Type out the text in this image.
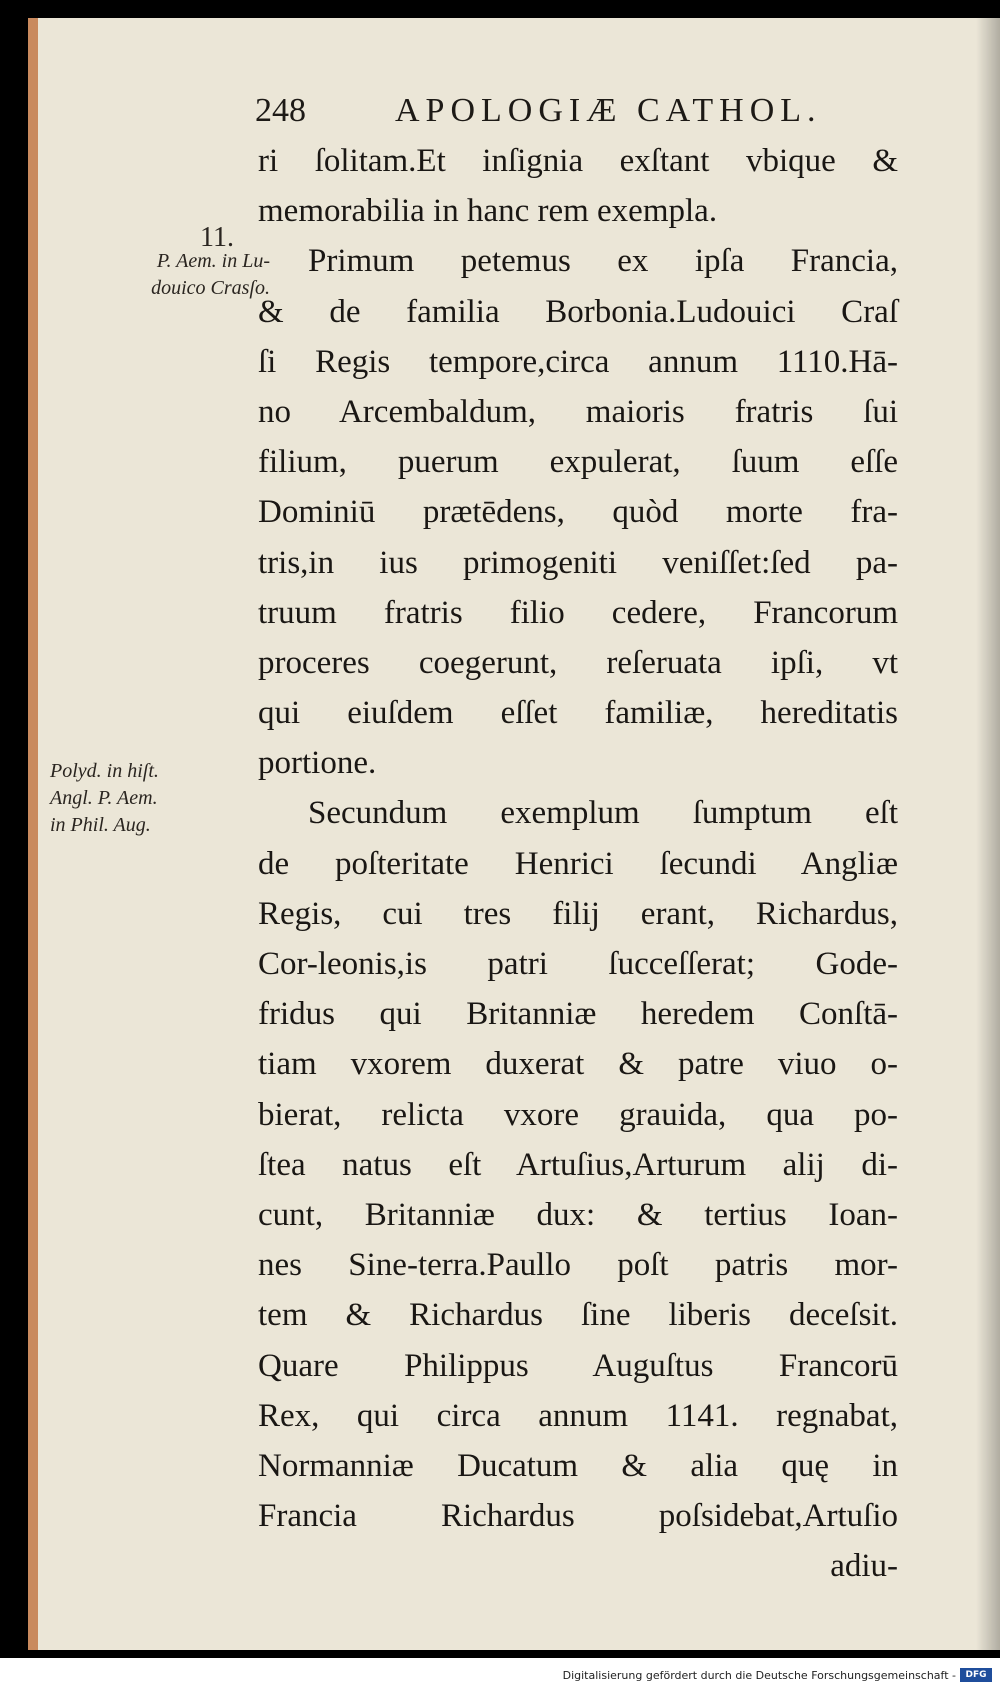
248	APOLOGIÆ CATHOL.
11.
P. Aem. in Lu-
douico Crasſo.
Polyd. in hiſt.
Angl. P. Aem.
in Phil. Aug.
ri ſolitam.Et inſignia exſtant vbique &
memorabilia in hanc rem exempla.
Primum petemus ex ipſa Francia,
& de familia Borbonia.Ludouici Craſ
ſi Regis tempore,circa annum 1110.Hā-
no Arcembaldum, maioris fratris ſui
filium, puerum expulerat, ſuum eſſe
Dominiū prætēdens, quòd morte fra-
tris,in ius primogeniti veniſſet:ſed pa-
truum fratris filio cedere, Francorum
proceres coegerunt, reſeruata ipſi, vt
qui eiuſdem eſſet familiæ, hereditatis
portione.
Secundum exemplum ſumptum eſt
de poſteritate Henrici ſecundi Angliæ
Regis, cui tres filij erant, Richardus,
Cor-leonis,is patri ſucceſſerat; Gode-
fridus qui Britanniæ heredem Conſtā-
tiam vxorem duxerat & patre viuo o-
bierat, relicta vxore grauida, qua po-
ſtea natus eſt Artuſius,Arturum alij di-
cunt, Britanniæ dux: & tertius Ioan-
nes Sine-terra.Paullo poſt patris mor-
tem & Richardus ſine liberis deceſsit.
Quare Philippus Auguſtus Francorū
Rex, qui circa annum 1141. regnabat,
Normanniæ Ducatum & alia quę in
Francia Richardus poſsidebat,Artuſio
adiu-
Digitalisierung gefördert durch die Deutsche Forschungsgemeinschaft -	DFG
